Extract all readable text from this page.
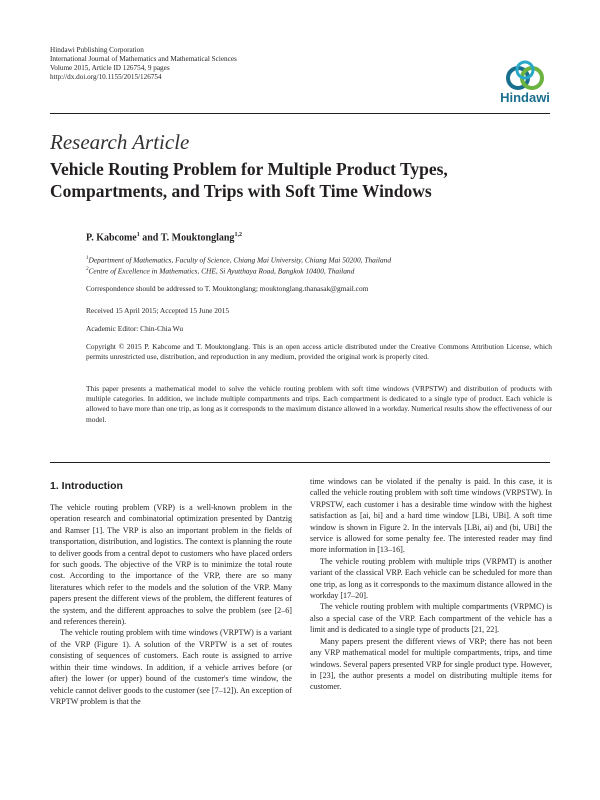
Hindawi Publishing Corporation
International Journal of Mathematics and Mathematical Sciences
Volume 2015, Article ID 126754, 9 pages
http://dx.doi.org/10.1155/2015/126754
Hindawi
Research Article
Vehicle Routing Problem for Multiple Product Types, Compartments, and Trips with Soft Time Windows
P. Kabcome$^1$ and T. Mouktonglang$^{1,2}$
$^1$Department of Mathematics, Faculty of Science, Chiang Mai University, Chiang Mai 50200, Thailand
$^2$Centre of Excellence in Mathematics, CHE, Si Ayutthaya Road, Bangkok 10400, Thailand
Correspondence should be addressed to T. Mouktonglang; mouktonglang.thanasak@gmail.com
Received 15 April 2015; Accepted 15 June 2015
Academic Editor: Chin-Chia Wu
Copyright © 2015 P. Kabcome and T. Mouktonglang. This is an open access article distributed under the Creative Commons Attribution License, which permits unrestricted use, distribution, and reproduction in any medium, provided the original work is properly cited.
This paper presents a mathematical model to solve the vehicle routing problem with soft time windows (VRPSTW) and distribution of products with multiple categories. In addition, we include multiple compartments and trips. Each compartment is dedicated to a single type of product. Each vehicle is allowed to have more than one trip, as long as it corresponds to the maximum distance allowed in a workday. Numerical results show the effectiveness of our model.
1. Introduction

The vehicle routing problem (VRP) is a well-known problem in the operation research and combinatorial optimization presented by Dantzig and Ramser [1]. The VRP is also an important problem in the fields of transportation, distribution, and logistics. The context is planning the route to deliver goods from a central depot to customers who have placed orders for such goods. The objective of the VRP is to minimize the total route cost. According to the importance of the VRP, there are so many literatures which refer to the models and the solution of the VRP. Many papers present the different views of the problem, the different features of the system, and the different approaches to solve the problem (see [2–6] and references therein).

The vehicle routing problem with time windows (VRPTW) is a variant of the VRP (Figure 1). A solution of the VRPTW is a set of routes consisting of sequences of customers. Each route is assigned to arrive within their time windows. In addition, if a vehicle arrives before (or after) the lower (or upper) bound of the customer's time window, the vehicle cannot deliver goods to the customer (see [7–12]). An exception of VRPTW problem is that the

time windows can be violated if the penalty is paid. In this case, it is called the vehicle routing problem with soft time windows (VRPSTW). In VRPSTW, each customer i has a desirable time window with the highest satisfaction as [ai, bi] and a hard time window [LBi, UBi]. A soft time window is shown in Figure 2. In the intervals [LBi, ai) and (bi, UBi] the service is allowed for some penalty fee. The interested reader may find more information in [13–16].

The vehicle routing problem with multiple trips (VRPMT) is another variant of the classical VRP. Each vehicle can be scheduled for more than one trip, as long as it corresponds to the maximum distance allowed in the workday [17–20].

The vehicle routing problem with multiple compartments (VRPMC) is also a special case of the VRP. Each compartment of the vehicle has a limit and is dedicated to a single type of products [21, 22].

Many papers present the different views of VRP; there has not been any VRP mathematical model for multiple compartments, trips, and time windows. Several papers presented VRP for single product type. However, in [23], the author presents a model on distributing multiple items for customer.
